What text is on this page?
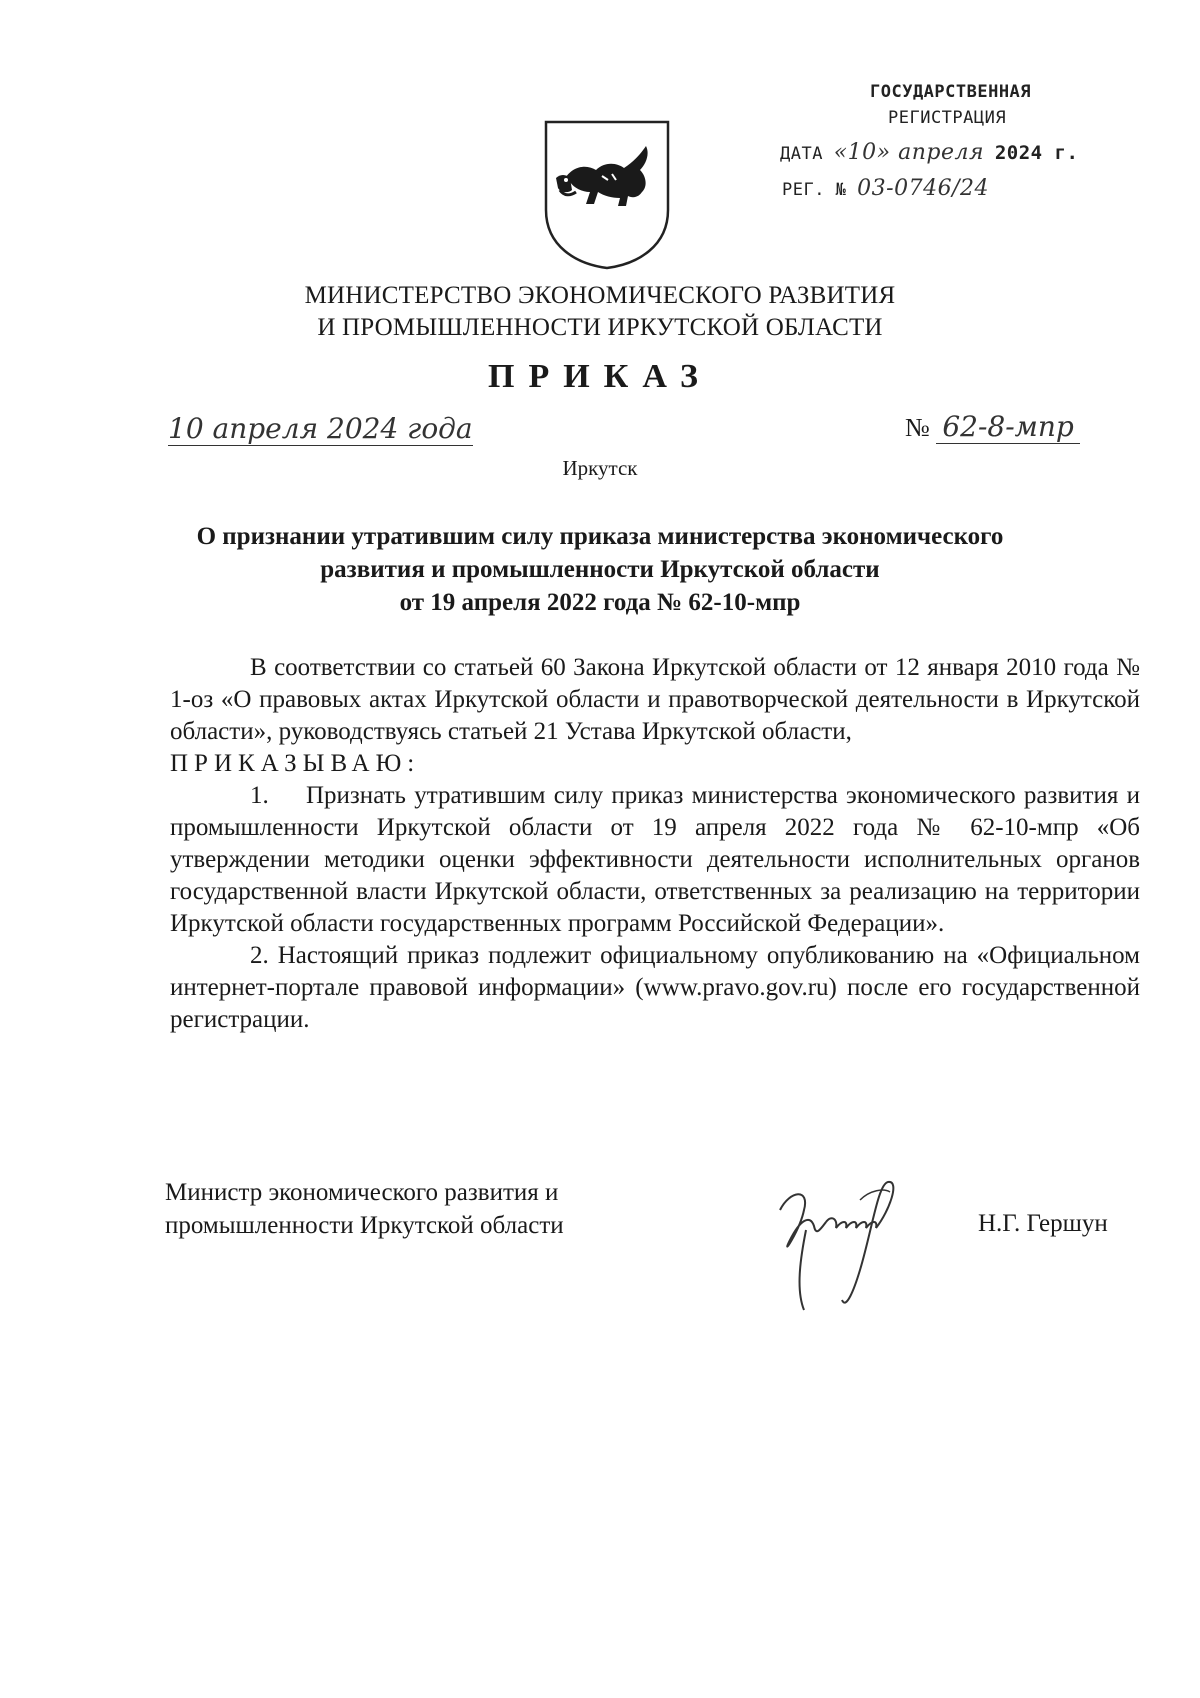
ГОСУДАРСТВЕННАЯ
РЕГИСТРАЦИЯ
ДАТА «10» апреля 2024 г.
РЕГ. № 03-0746/24
МИНИСТЕРСТВО ЭКОНОМИЧЕСКОГО РАЗВИТИЯ
И ПРОМЫШЛЕННОСТИ ИРКУТСКОЙ ОБЛАСТИ
ПРИКАЗ
10 апреля 2024 года	№ 62-8-мпр
Иркутск
О признании утратившим силу приказа министерства экономического
развития и промышленности Иркутской области
от 19 апреля 2022 года № 62-10-мпр

В соответствии со статьей 60 Закона Иркутской области от 12 января 2010 года № 1-оз «О правовых актах Иркутской области и правотворческой деятельности в Иркутской области», руководствуясь статьей 21 Устава Иркутской области,

ПРИКАЗЫВАЮ:

1. Признать утратившим силу приказ министерства экономического развития и промышленности Иркутской области от 19 апреля 2022 года № 62-10-мпр «Об утверждении методики оценки эффективности деятельности исполнительных органов государственной власти Иркутской области, ответственных за реализацию на территории Иркутской области государственных программ Российской Федерации».

2. Настоящий приказ подлежит официальному опубликованию на «Официальном интернет-портале правовой информации» (www.pravo.gov.ru) после его государственной регистрации.

Министр экономического развития и
промышленности Иркутской области	Н.Г. Гершун
